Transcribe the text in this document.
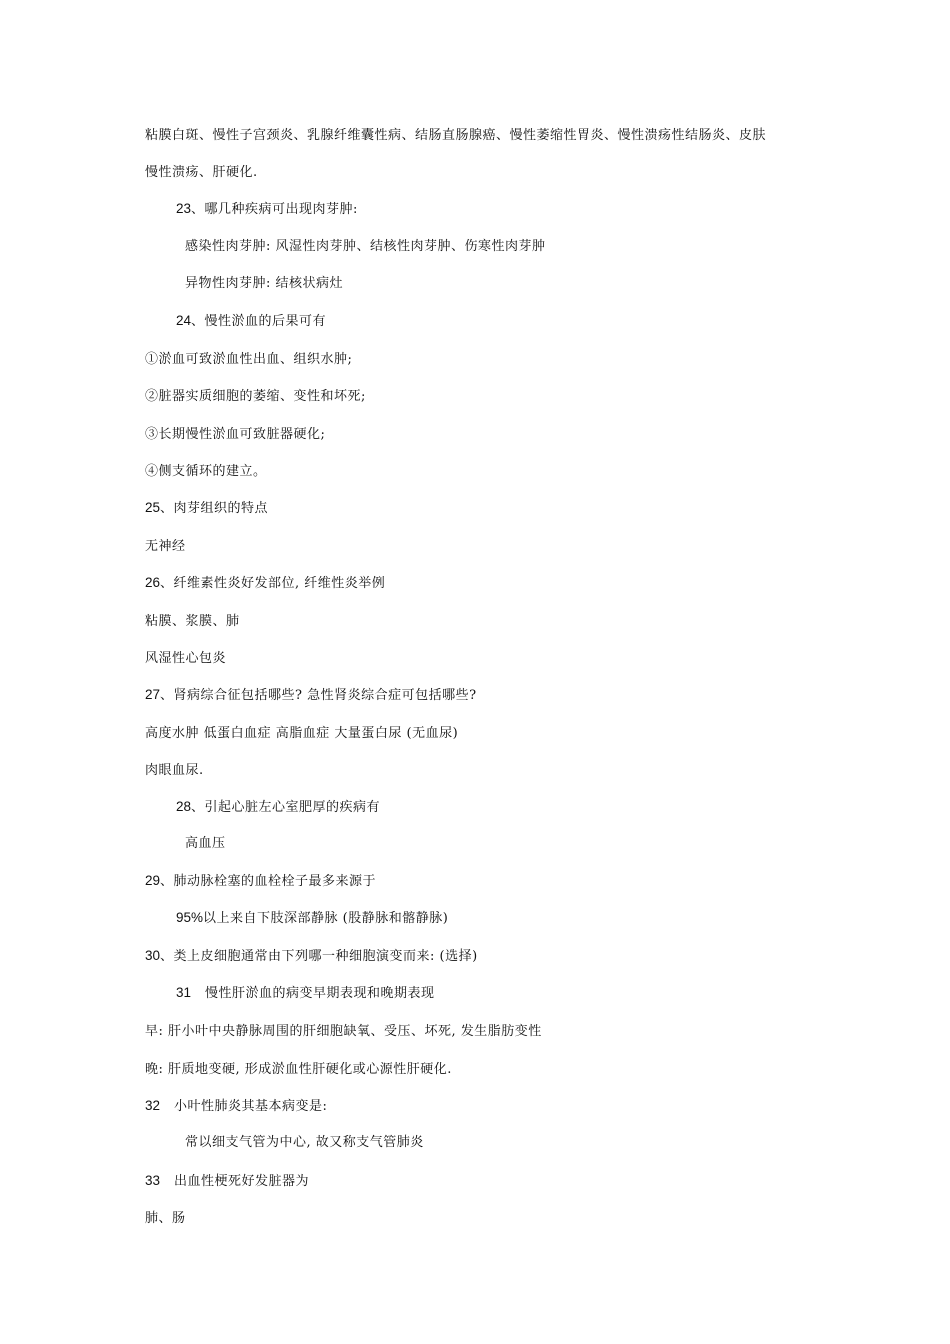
粘膜白斑、慢性子宫颈炎、乳腺纤维囊性病、结肠直肠腺癌、慢性萎缩性胃炎、慢性溃疡性结肠炎、皮肤
慢性溃疡、肝硬化.
23、哪几种疾病可出现肉芽肿:
感染性肉芽肿: 风湿性肉芽肿、结核性肉芽肿、伤寒性肉芽肿
异物性肉芽肿: 结核状病灶
24、慢性淤血的后果可有
①淤血可致淤血性出血、组织水肿;
②脏器实质细胞的萎缩、变性和坏死;
③长期慢性淤血可致脏器硬化;
④侧支循环的建立。
25、肉芽组织的特点
无神经
26、纤维素性炎好发部位, 纤维性炎举例
粘膜、浆膜、肺
风湿性心包炎
27、肾病综合征包括哪些? 急性肾炎综合症可包括哪些?
高度水肿 低蛋白血症 高脂血症 大量蛋白尿 (无血尿)
肉眼血尿.
28、引起心脏左心室肥厚的疾病有
高血压
29、肺动脉栓塞的血栓栓子最多来源于
95%以上来自下肢深部静脉 (股静脉和髂静脉)
30、类上皮细胞通常由下列哪一种细胞演变而来: (选择)
31 慢性肝淤血的病变早期表现和晚期表现
早: 肝小叶中央静脉周围的肝细胞缺氧、受压、坏死, 发生脂肪变性
晚: 肝质地变硬, 形成淤血性肝硬化或心源性肝硬化.
32 小叶性肺炎其基本病变是:
常以细支气管为中心, 故又称支气管肺炎
33 出血性梗死好发脏器为
肺、肠
